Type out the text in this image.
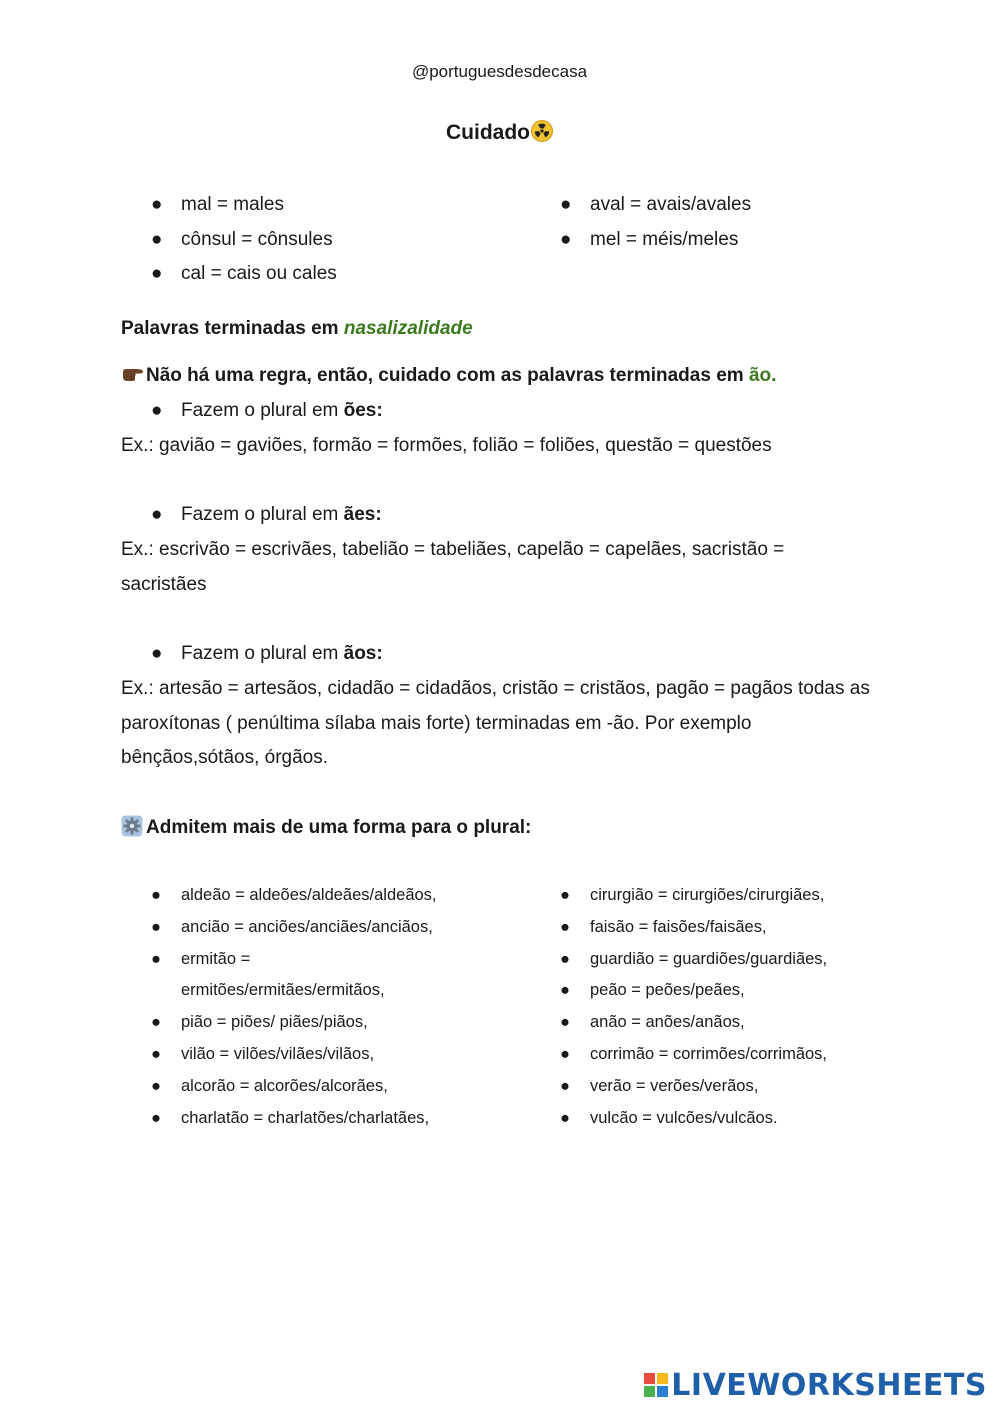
@portuguesdesdecasa
Cuidado
● mal = males
● cônsul = cônsules
● cal = cais ou cales
● aval = avais/avales
● mel = méis/meles
Palavras terminadas em nasalizalidade
Não há uma regra, então, cuidado com as palavras terminadas em ão.
● Fazem o plural em ões:
Ex.: gavião = gaviões, formão = formões, folião = foliões, questão = questões
● Fazem o plural em ães:
Ex.: escrivão = escrivães, tabelião = tabeliães, capelão = capelães, sacristão = sacristães
● Fazem o plural em ãos:
Ex.: artesão = artesãos, cidadão = cidadãos, cristão = cristãos, pagão = pagãos todas as paroxítonas ( penúltima sílaba mais forte) terminadas em -ão. Por exemplo bênçãos,sótãos, órgãos.
Admitem mais de uma forma para o plural:
● aldeão = aldeões/aldeães/aldeãos,
● ancião = anciões/anciães/anciãos,
● ermitão = ermitões/ermitães/ermitãos,
● pião = piões/ piães/piãos,
● vilão = vilões/vilães/vilãos,
● alcorão = alcorões/alcorães,
● charlatão = charlatões/charlatães,
● cirurgião = cirurgiões/cirurgiães,
● faisão = faisões/faisães,
● guardião = guardiões/guardiães,
● peão = peões/peães,
● anão = anões/anãos,
● corrimão = corrimões/corrimãos,
● verão = verões/verãos,
● vulcão = vulcões/vulcãos.
LIVEWORKSHEETS
